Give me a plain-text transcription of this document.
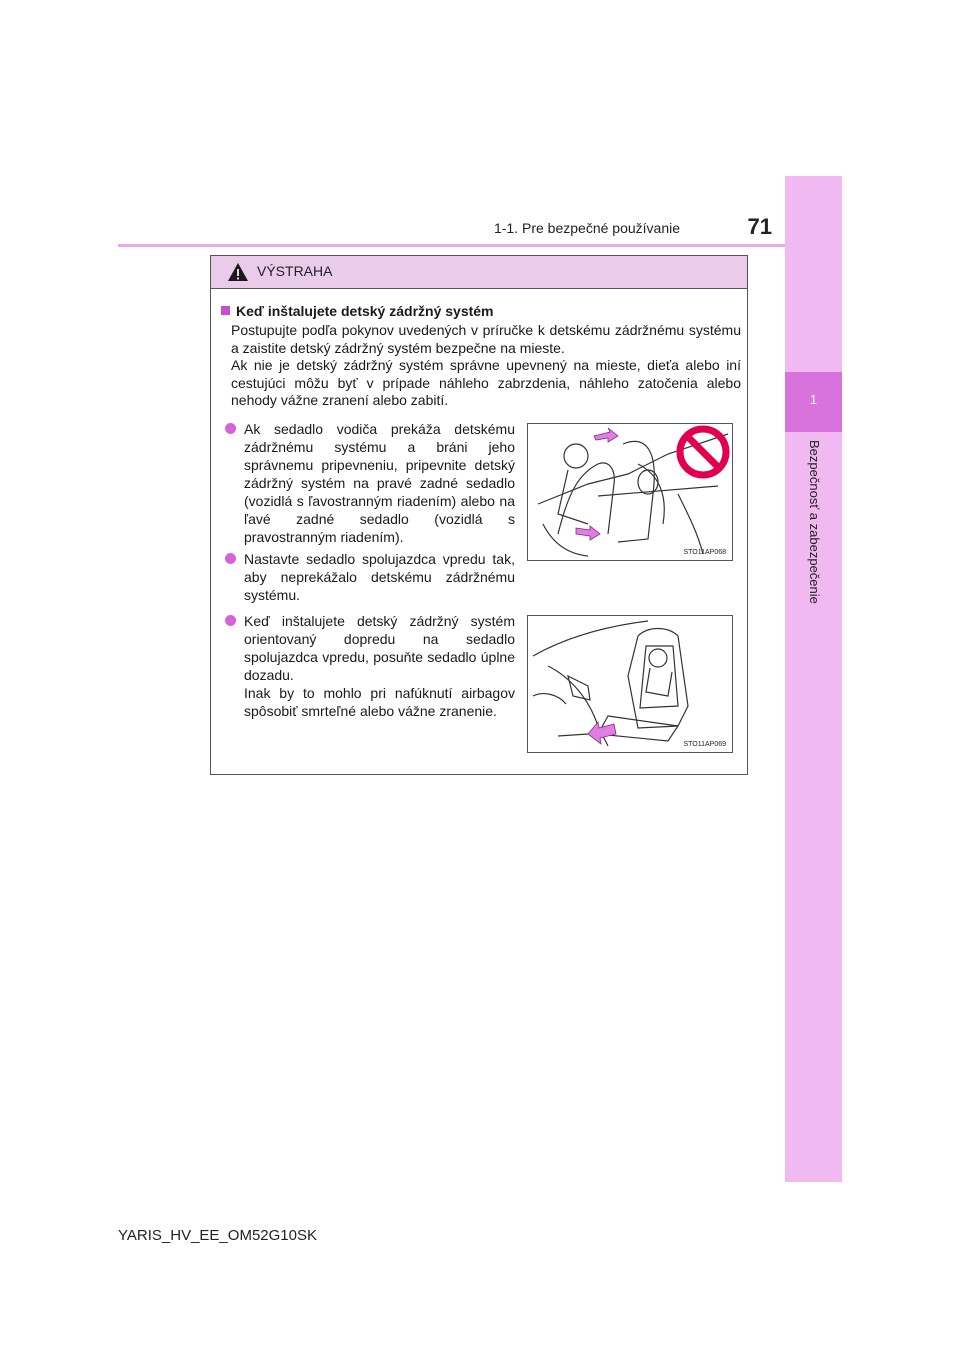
1-1. Pre bezpečné používanie	71
1
Bezpečnosť a zabezpečenie
VÝSTRAHA
Keď inštalujete detský zádržný systém
Postupujte podľa pokynov uvedených v príručke k detskému zádržnému systému a zaistite detský zádržný systém bezpečne na mieste.
Ak nie je detský zádržný systém správne upevnený na mieste, dieťa alebo iní cestujúci môžu byť v prípade náhleho zabrzdenia, náhleho zatočenia alebo nehody vážne zranení alebo zabití.
Ak sedadlo vodiča prekáža detskému zádržnému systému a bráni jeho správnemu pripevneniu, pripevnite detský zádržný systém na pravé zadné sedadlo (vozidlá s ľavostranným riadením) alebo na ľavé zadné sedadlo (vozidlá s pravostranným riadením).
Nastavte sedadlo spolujazdca vpredu tak, aby neprekážalo detskému zádržnému systému.
Keď inštalujete detský zádržný systém orientovaný dopredu na sedadlo spolujazdca vpredu, posuňte sedadlo úplne dozadu.
Inak by to mohlo pri nafúknutí airbagov spôsobiť smrteľné alebo vážne zranenie.
STO11AP068
STO11AP069
YARIS_HV_EE_OM52G10SK
